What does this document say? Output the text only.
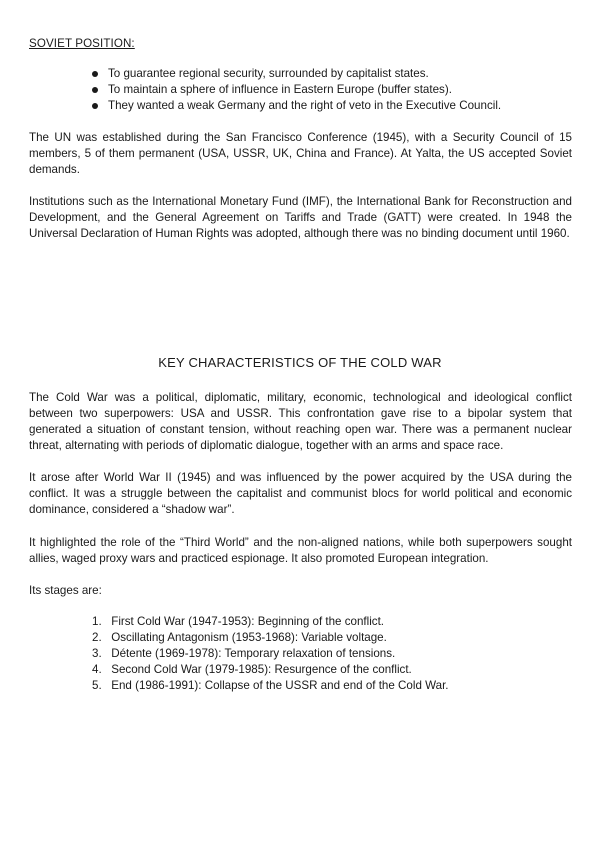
SOVIET POSITION:
To guarantee regional security, surrounded by capitalist states.
To maintain a sphere of influence in Eastern Europe (buffer states).
They wanted a weak Germany and the right of veto in the Executive Council.

The UN was established during the San Francisco Conference (1945), with a Security Council of 15 members, 5 of them permanent (USA, USSR, UK, China and France). At Yalta, the US accepted Soviet demands.

Institutions such as the International Monetary Fund (IMF), the International Bank for Reconstruction and Development, and the General Agreement on Tariffs and Trade (GATT) were created. In 1948 the Universal Declaration of Human Rights was adopted, although there was no binding document until 1960.

KEY CHARACTERISTICS OF THE COLD WAR

The Cold War was a political, diplomatic, military, economic, technological and ideological conflict between two superpowers: USA and USSR. This confrontation gave rise to a bipolar system that generated a situation of constant tension, without reaching open war. There was a permanent nuclear threat, alternating with periods of diplomatic dialogue, together with an arms and space race.

It arose after World War II (1945) and was influenced by the power acquired by the USA during the conflict. It was a struggle between the capitalist and communist blocs for world political and economic dominance, considered a “shadow war”.

It highlighted the role of the “Third World” and the non-aligned nations, while both superpowers sought allies, waged proxy wars and practiced espionage. It also promoted European integration.

Its stages are:

1. First Cold War (1947-1953): Beginning of the conflict.
2. Oscillating Antagonism (1953-1968): Variable voltage.
3. Détente (1969-1978): Temporary relaxation of tensions.
4. Second Cold War (1979-1985): Resurgence of the conflict.
5. End (1986-1991): Collapse of the USSR and end of the Cold War.
